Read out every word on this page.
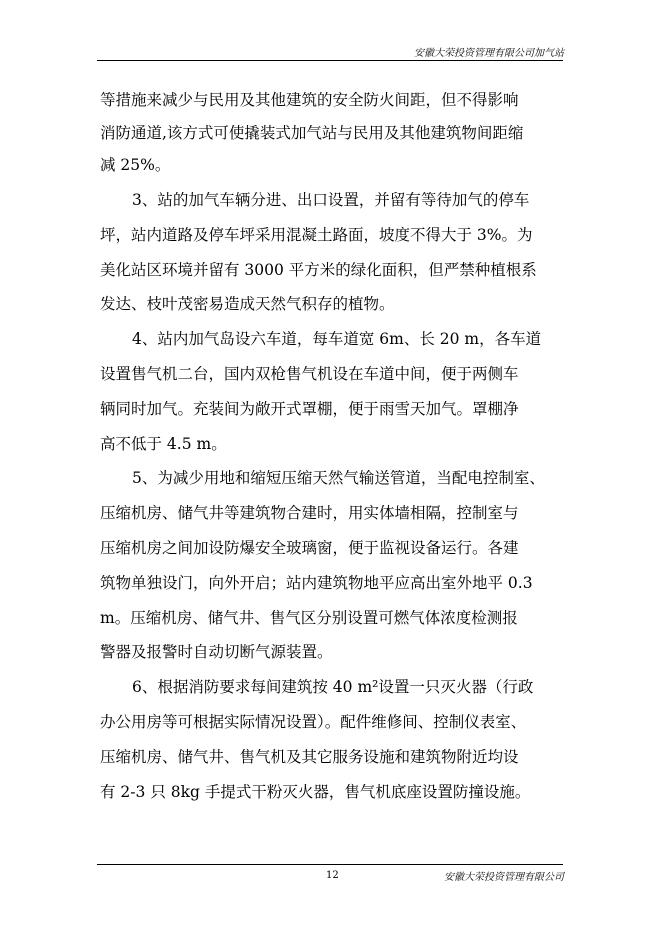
安徽大荣投资管理有限公司加气站
等措施来减少与民用及其他建筑的安全防火间距，但不得影响
消防通道,该方式可使撬装式加气站与民用及其他建筑物间距缩
减 25%。
3、站的加气车辆分进、出口设置，并留有等待加气的停车
坪，站内道路及停车坪采用混凝土路面，坡度不得大于 3%。为
美化站区环境并留有 3000 平方米的绿化面积，但严禁种植根系
发达、枝叶茂密易造成天然气积存的植物。
4、站内加气岛设六车道，每车道宽 6m、长 20 m，各车道
设置售气机二台，国内双枪售气机设在车道中间，便于两侧车
辆同时加气。充装间为敞开式罩棚，便于雨雪天加气。罩棚净
高不低于 4.5 m。
5、为减少用地和缩短压缩天然气输送管道，当配电控制室、
压缩机房、储气井等建筑物合建时，用实体墙相隔，控制室与
压缩机房之间加设防爆安全玻璃窗，便于监视设备运行。各建
筑物单独设门，向外开启；站内建筑物地平应高出室外地平 0.3
m。压缩机房、储气井、售气区分别设置可燃气体浓度检测报
警器及报警时自动切断气源装置。
6、根据消防要求每间建筑按 40 m²设置一只灭火器（行政
办公用房等可根据实际情况设置）。配件维修间、控制仪表室、
压缩机房、储气井、售气机及其它服务设施和建筑物附近均设
有 2-3 只 8kg 手提式干粉灭火器，售气机底座设置防撞设施。
12	安徽大荣投资管理有限公司
